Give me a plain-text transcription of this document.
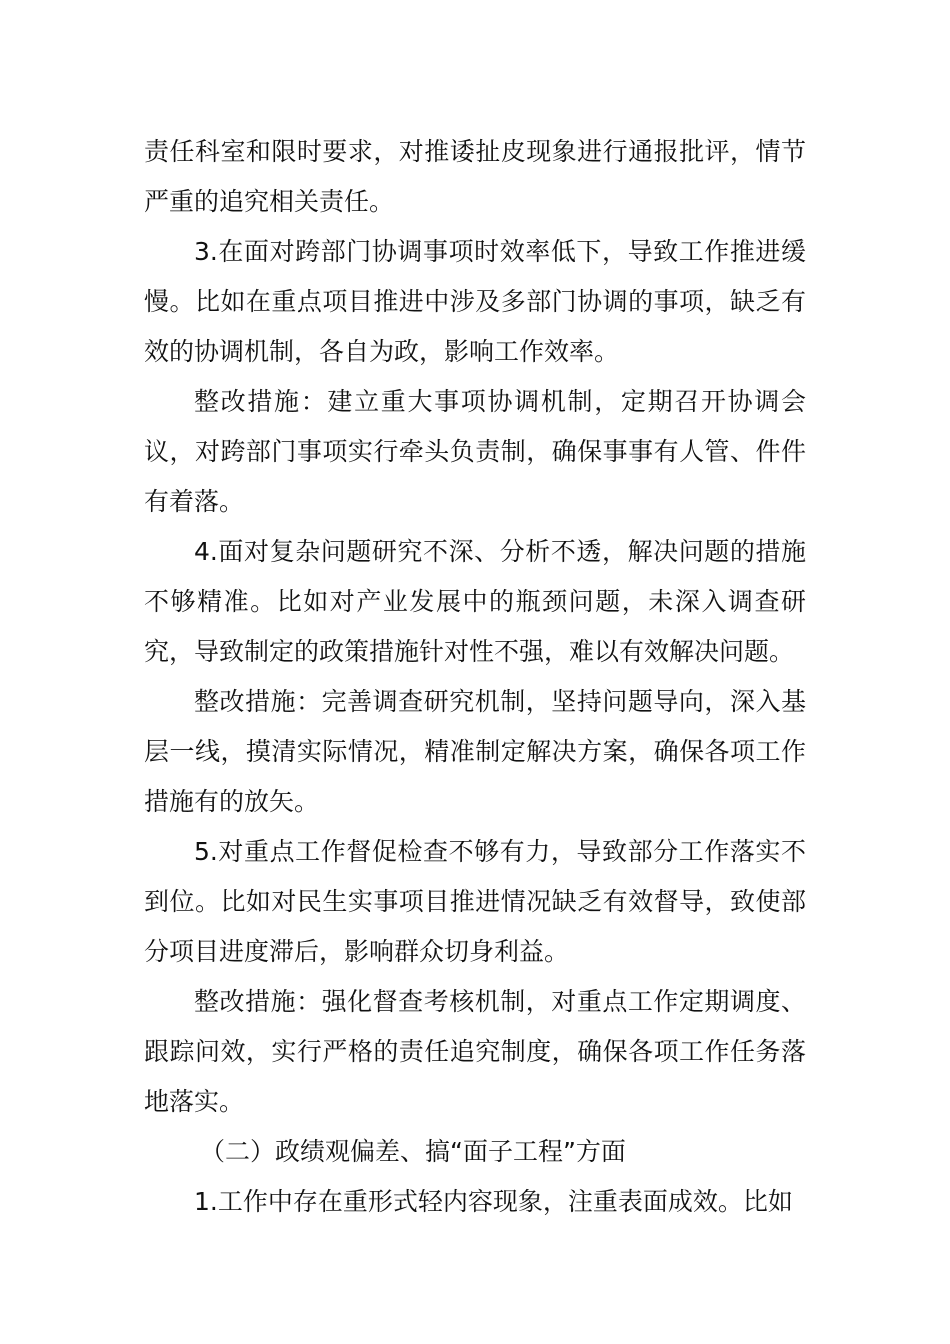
责任科室和限时要求，对推诿扯皮现象进行通报批评，情节严重的追究相关责任。

3.在面对跨部门协调事项时效率低下，导致工作推进缓慢。比如在重点项目推进中涉及多部门协调的事项，缺乏有效的协调机制，各自为政，影响工作效率。

整改措施：建立重大事项协调机制，定期召开协调会议，对跨部门事项实行牵头负责制，确保事事有人管、件件有着落。

4.面对复杂问题研究不深、分析不透，解决问题的措施不够精准。比如对产业发展中的瓶颈问题，未深入调查研究，导致制定的政策措施针对性不强，难以有效解决问题。

整改措施：完善调查研究机制，坚持问题导向，深入基层一线，摸清实际情况，精准制定解决方案，确保各项工作措施有的放矢。

5.对重点工作督促检查不够有力，导致部分工作落实不到位。比如对民生实事项目推进情况缺乏有效督导，致使部分项目进度滞后，影响群众切身利益。

整改措施：强化督查考核机制，对重点工作定期调度、跟踪问效，实行严格的责任追究制度，确保各项工作任务落地落实。

（二）政绩观偏差、搞“面子工程”方面

1.工作中存在重形式轻内容现象，注重表面成效。比如
